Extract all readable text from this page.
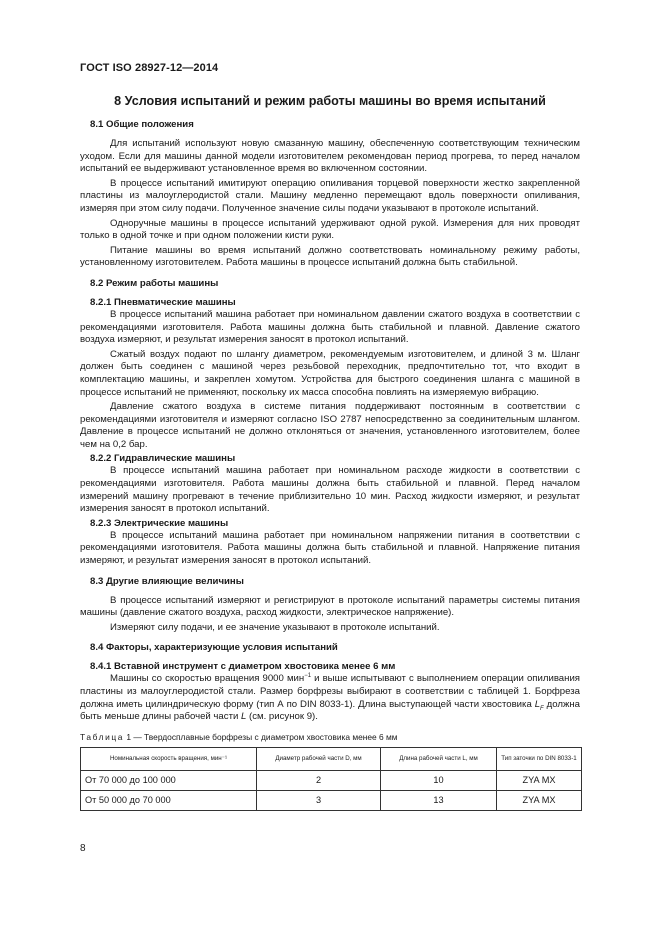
ГОСТ ISO 28927-12—2014
8 Условия испытаний и режим работы машины во время испытаний
8.1 Общие положения

Для испытаний используют новую смазанную машину, обеспеченную соответствующим техническим уходом. Если для машины данной модели изготовителем рекомендован период прогрева, то перед началом испытаний ее выдерживают установленное время во включенном состоянии.

В процессе испытаний имитируют операцию опиливания торцевой поверхности жестко закрепленной пластины из малоуглеродистой стали. Машину медленно перемещают вдоль поверхности опиливания, измеряя при этом силу подачи. Полученное значение силы подачи указывают в протоколе испытаний.

Одноручные машины в процессе испытаний удерживают одной рукой. Измерения для них проводят только в одной точке и при одном положении кисти руки.

Питание машины во время испытаний должно соответствовать номинальному режиму работы, установленному изготовителем. Работа машины в процессе испытаний должна быть стабильной.

8.2 Режим работы машины
8.2.1 Пневматические машины

В процессе испытаний машина работает при номинальном давлении сжатого воздуха в соответствии с рекомендациями изготовителя. Работа машины должна быть стабильной и плавной. Давление сжатого воздуха измеряют, и результат измерения заносят в протокол испытаний.

Сжатый воздух подают по шлангу диаметром, рекомендуемым изготовителем, и длиной 3 м. Шланг должен быть соединен с машиной через резьбовой переходник, предпочтительно тот, что входит в комплектацию машины, и закреплен хомутом. Устройства для быстрого соединения шланга с машиной в процессе испытаний не применяют, поскольку их масса способна повлиять на измеряемую вибрацию.

Давление сжатого воздуха в системе питания поддерживают постоянным в соответствии с рекомендациями изготовителя и измеряют согласно ISO 2787 непосредственно за соединительным шлангом. Давление в процессе испытаний не должно отклоняться от значения, установленного изготовителем, более чем на 0,2 бар.

8.2.2 Гидравлические машины

В процессе испытаний машина работает при номинальном расходе жидкости в соответствии с рекомендациями изготовителя. Работа машины должна быть стабильной и плавной. Перед началом измерений машину прогревают в течение приблизительно 10 мин. Расход жидкости измеряют, и результат измерения заносят в протокол испытаний.

8.2.3 Электрические машины

В процессе испытаний машина работает при номинальном напряжении питания в соответствии с рекомендациями изготовителя. Работа машины должна быть стабильной и плавной. Напряжение питания измеряют, и результат измерения заносят в протокол испытаний.

8.3 Другие влияющие величины

В процессе испытаний измеряют и регистрируют в протоколе испытаний параметры системы питания машины (давление сжатого воздуха, расход жидкости, электрическое напряжение).

Измеряют силу подачи, и ее значение указывают в протоколе испытаний.

8.4 Факторы, характеризующие условия испытаний
8.4.1 Вставной инструмент с диаметром хвостовика менее 6 мм

Машины со скоростью вращения 9000 мин$^{-1}$ и выше испытывают с выполнением операции опиливания пластины из малоуглеродистой стали. Размер борфрезы выбирают в соответствии с таблицей 1. Борфреза должна иметь цилиндрическую форму (тип А по DIN 8033-1). Длина выступающей части хвостовика $L_F$ должна быть меньше длины рабочей части L (см. рисунок 9).

Таблица 1 — Твердосплавные борфрезы с диаметром хвостовика менее 6 мм
Номинальная скорость вращения, мин⁻¹	Диаметр рабочей части D, мм	Длина рабочей части L, мм	Тип заточки по DIN 8033-1
От 70 000 до 100 000	2	10	ZYA MX
От 50 000 до 70 000	3	13	ZYA MX
8
